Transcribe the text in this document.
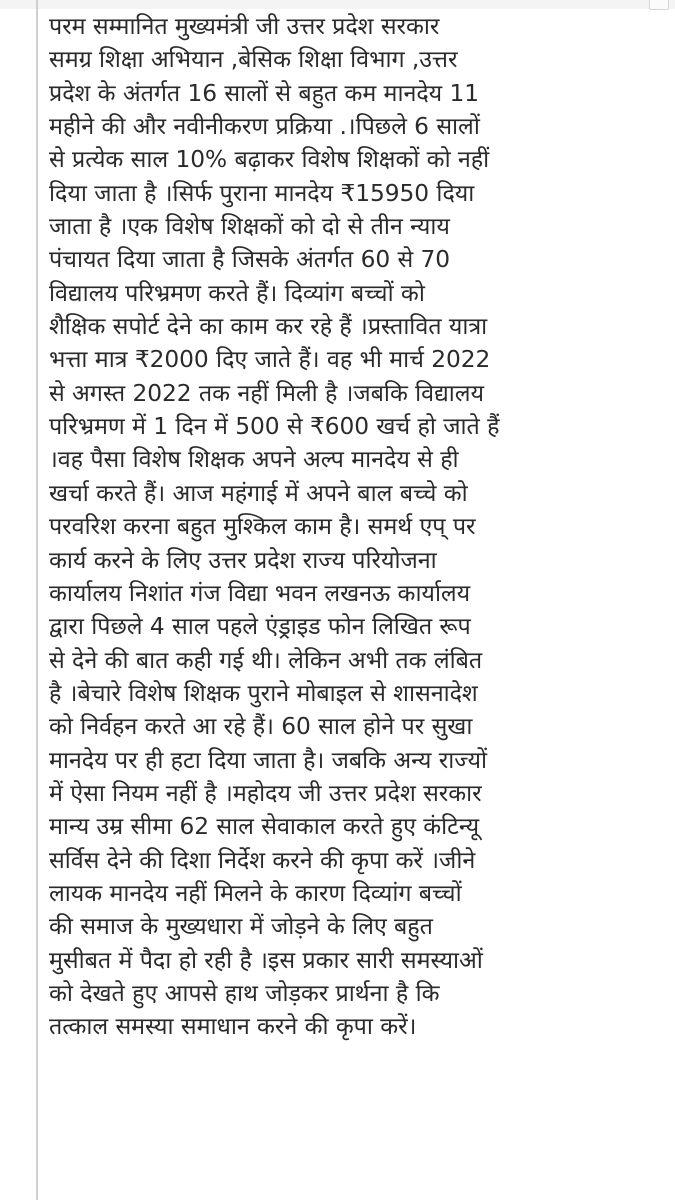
परम सम्मानित मुख्यमंत्री जी उत्तर प्रदेश सरकार
समग्र शिक्षा अभियान ,बेसिक शिक्षा विभाग ,उत्तर
प्रदेश के अंतर्गत 16 सालों से बहुत कम मानदेय 11
महीने की और नवीनीकरण प्रक्रिया .।पिछले 6 सालों
से प्रत्येक साल 10% बढ़ाकर विशेष शिक्षकों को नहीं
दिया जाता है ।सिर्फ पुराना मानदेय ₹15950 दिया
जाता है ।एक विशेष शिक्षकों को दो से तीन न्याय
पंचायत दिया जाता है जिसके अंतर्गत 60 से 70
विद्यालय परिभ्रमण करते हैं। दिव्यांग बच्चों को
शैक्षिक सपोर्ट देने का काम कर रहे हैं ।प्रस्तावित यात्रा
भत्ता मात्र ₹2000 दिए जाते हैं। वह भी मार्च 2022
से अगस्त 2022 तक नहीं मिली है ।जबकि विद्यालय
परिभ्रमण में 1 दिन में 500 से ₹600 खर्च हो जाते हैं
।वह पैसा विशेष शिक्षक अपने अल्प मानदेय से ही
खर्चा करते हैं। आज महंगाई में अपने बाल बच्चे को
परवरिश करना बहुत मुश्किल काम है। समर्थ एप् पर
कार्य करने के लिए उत्तर प्रदेश राज्य परियोजना
कार्यालय निशांत गंज विद्या भवन लखनऊ कार्यालय
द्वारा पिछले 4 साल पहले एंड्राइड फोन लिखित रूप
से देने की बात कही गई थी। लेकिन अभी तक लंबित
है ।बेचारे विशेष शिक्षक पुराने मोबाइल से शासनादेश
को निर्वहन करते आ रहे हैं। 60 साल होने पर सुखा
मानदेय पर ही हटा दिया जाता है। जबकि अन्य राज्यों
में ऐसा नियम नहीं है ।महोदय जी उत्तर प्रदेश सरकार
मान्य उम्र सीमा 62 साल सेवाकाल करते हुए कंटिन्यू
सर्विस देने की दिशा निर्देश करने की कृपा करें ।जीने
लायक मानदेय नहीं मिलने के कारण दिव्यांग बच्चों
की समाज के मुख्यधारा में जोड़ने के लिए बहुत
मुसीबत में पैदा हो रही है ।इस प्रकार सारी समस्याओं
को देखते हुए आपसे हाथ जोड़कर प्रार्थना है कि
तत्काल समस्या समाधान करने की कृपा करें।
